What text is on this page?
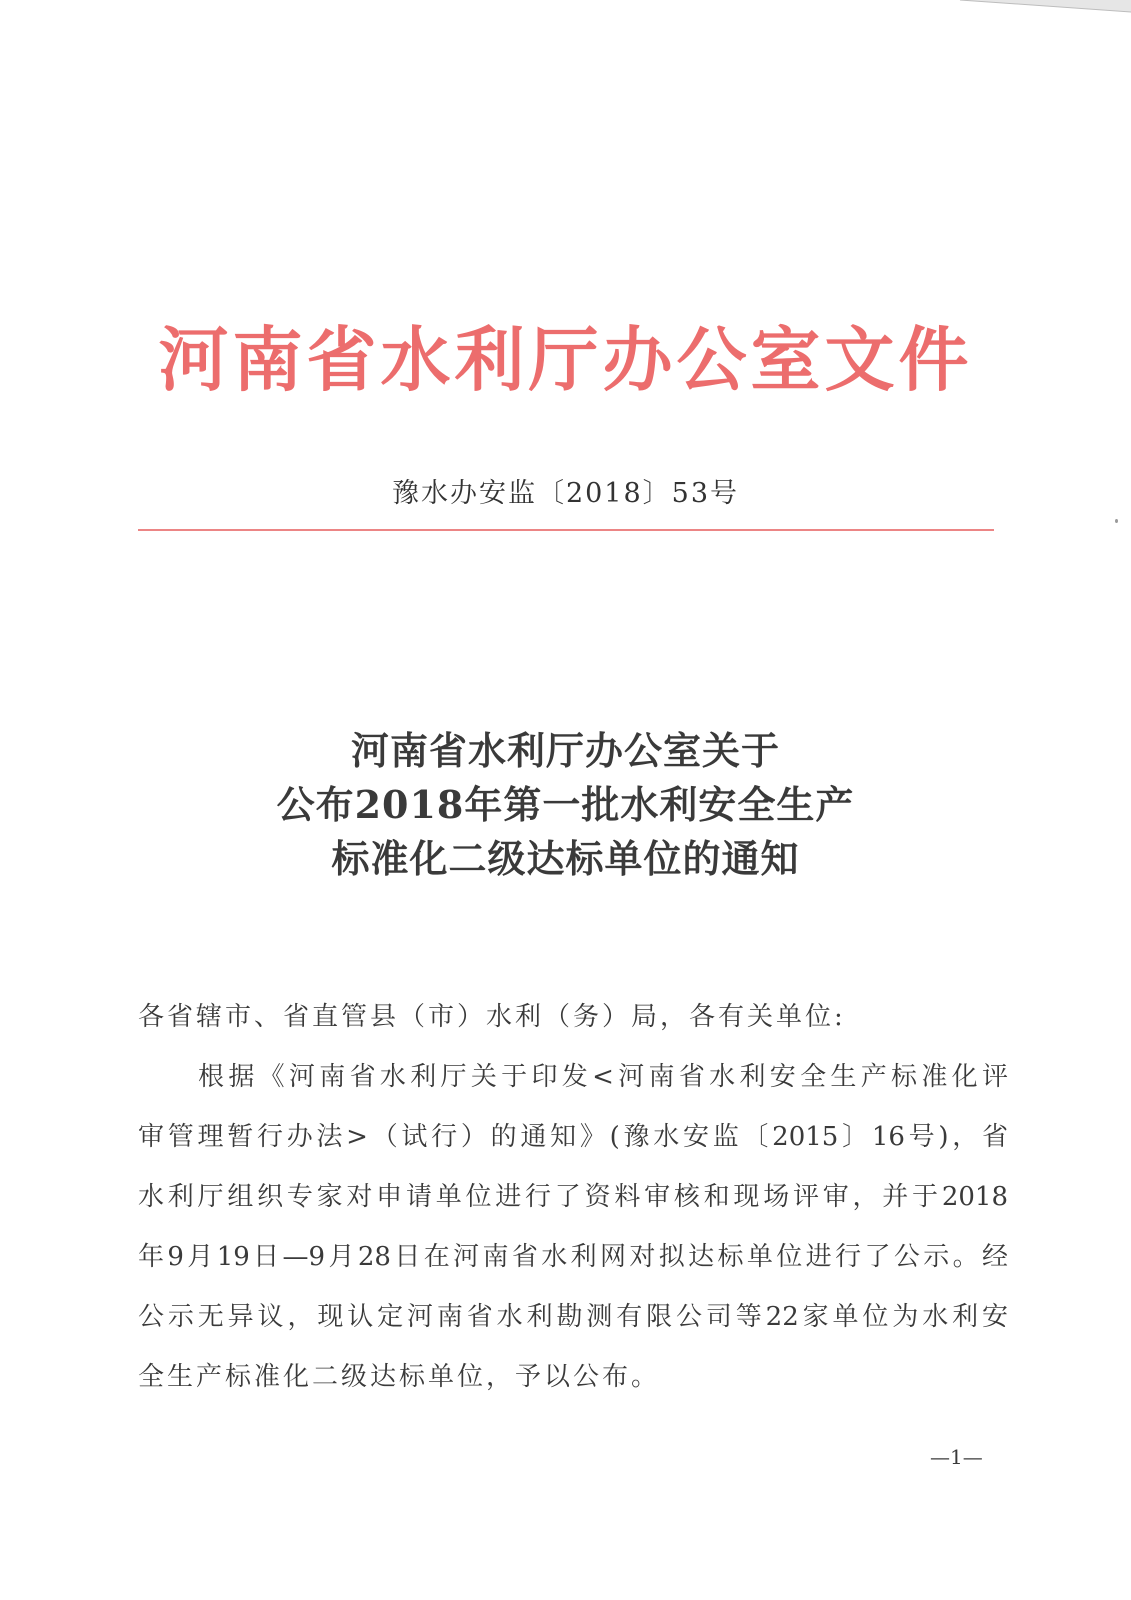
河南省水利厅办公室文件
豫水办安监〔2018〕53号
河南省水利厅办公室关于
公布2018年第一批水利安全生产
标准化二级达标单位的通知
各省辖市、省直管县（市）水利（务）局，各有关单位:
根据《河南省水利厅关于印发<河南省水利安全生产标准化评
审管理暂行办法>（试行）的通知》(豫水安监〔2015〕16号)，省
水利厅组织专家对申请单位进行了资料审核和现场评审，并于2018
年9月19日—9月28日在河南省水利网对拟达标单位进行了公示。经
公示无异议，现认定河南省水利勘测有限公司等22家单位为水利安
全生产标准化二级达标单位，予以公布。
—1—
